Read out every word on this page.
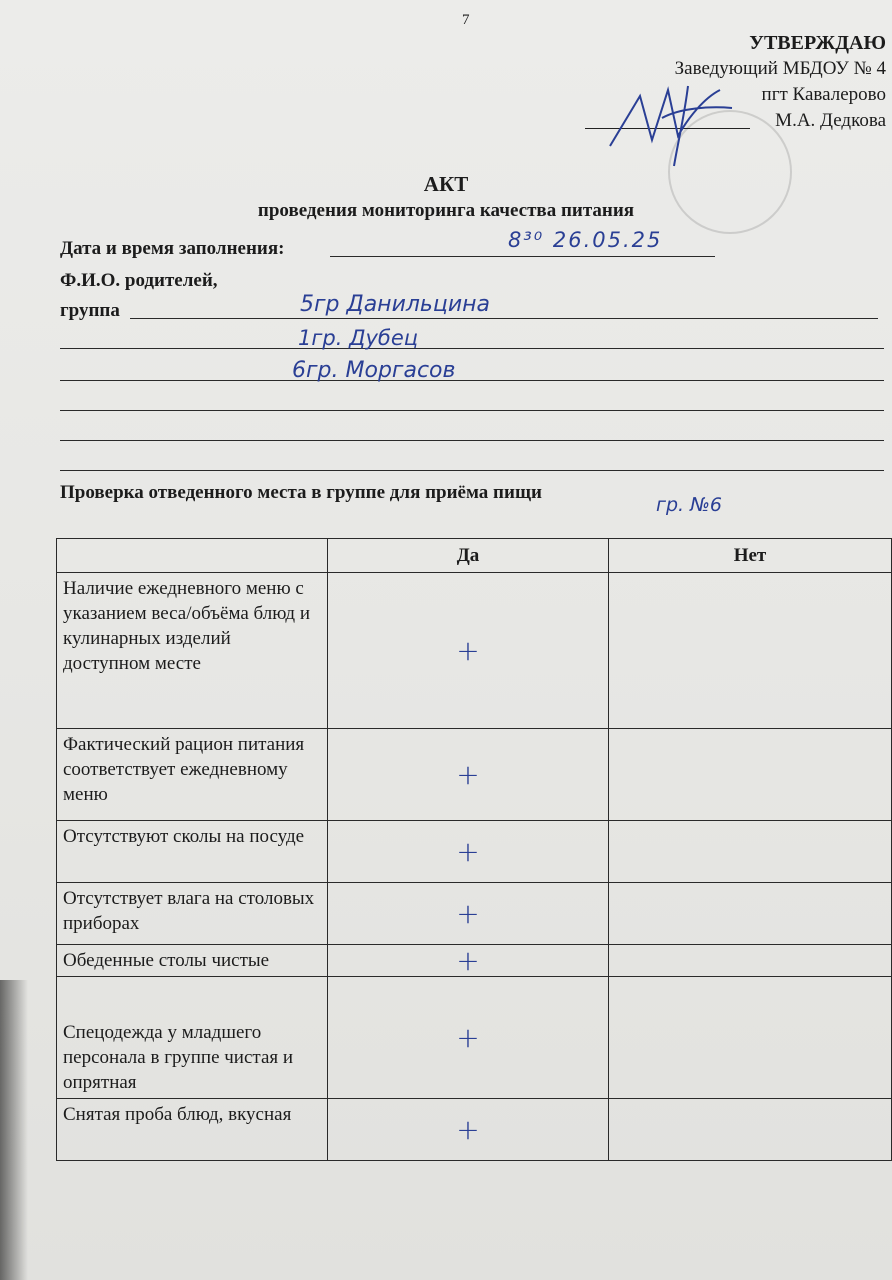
7
УТВЕРЖДАЮ
Заведующий МБДОУ № 4
пгт Кавалерово
М.А. Дедкова
АКТ
проведения мониторинга качества питания
Дата и время заполнения:	8³⁰ 26.05.25
Ф.И.О. родителей,
группа	5гр Данильцина
1гр. Дубец
6гр. Моргасов
Проверка отведенного места в группе для приёма пищи
гр. №6
	Да	Нет
Наличие ежедневного меню с указанием веса/объёма блюд и кулинарных изделий доступном месте	+	
Фактический рацион питания соответствует ежедневному меню	+	
Отсутствуют сколы на посуде	+	
Отсутствует влага на столовых приборах	+	
Обеденные столы чистые	+	
Спецодежда у младшего персонала в группе чистая и опрятная	+	
Снятая проба блюд, вкусная	+	
